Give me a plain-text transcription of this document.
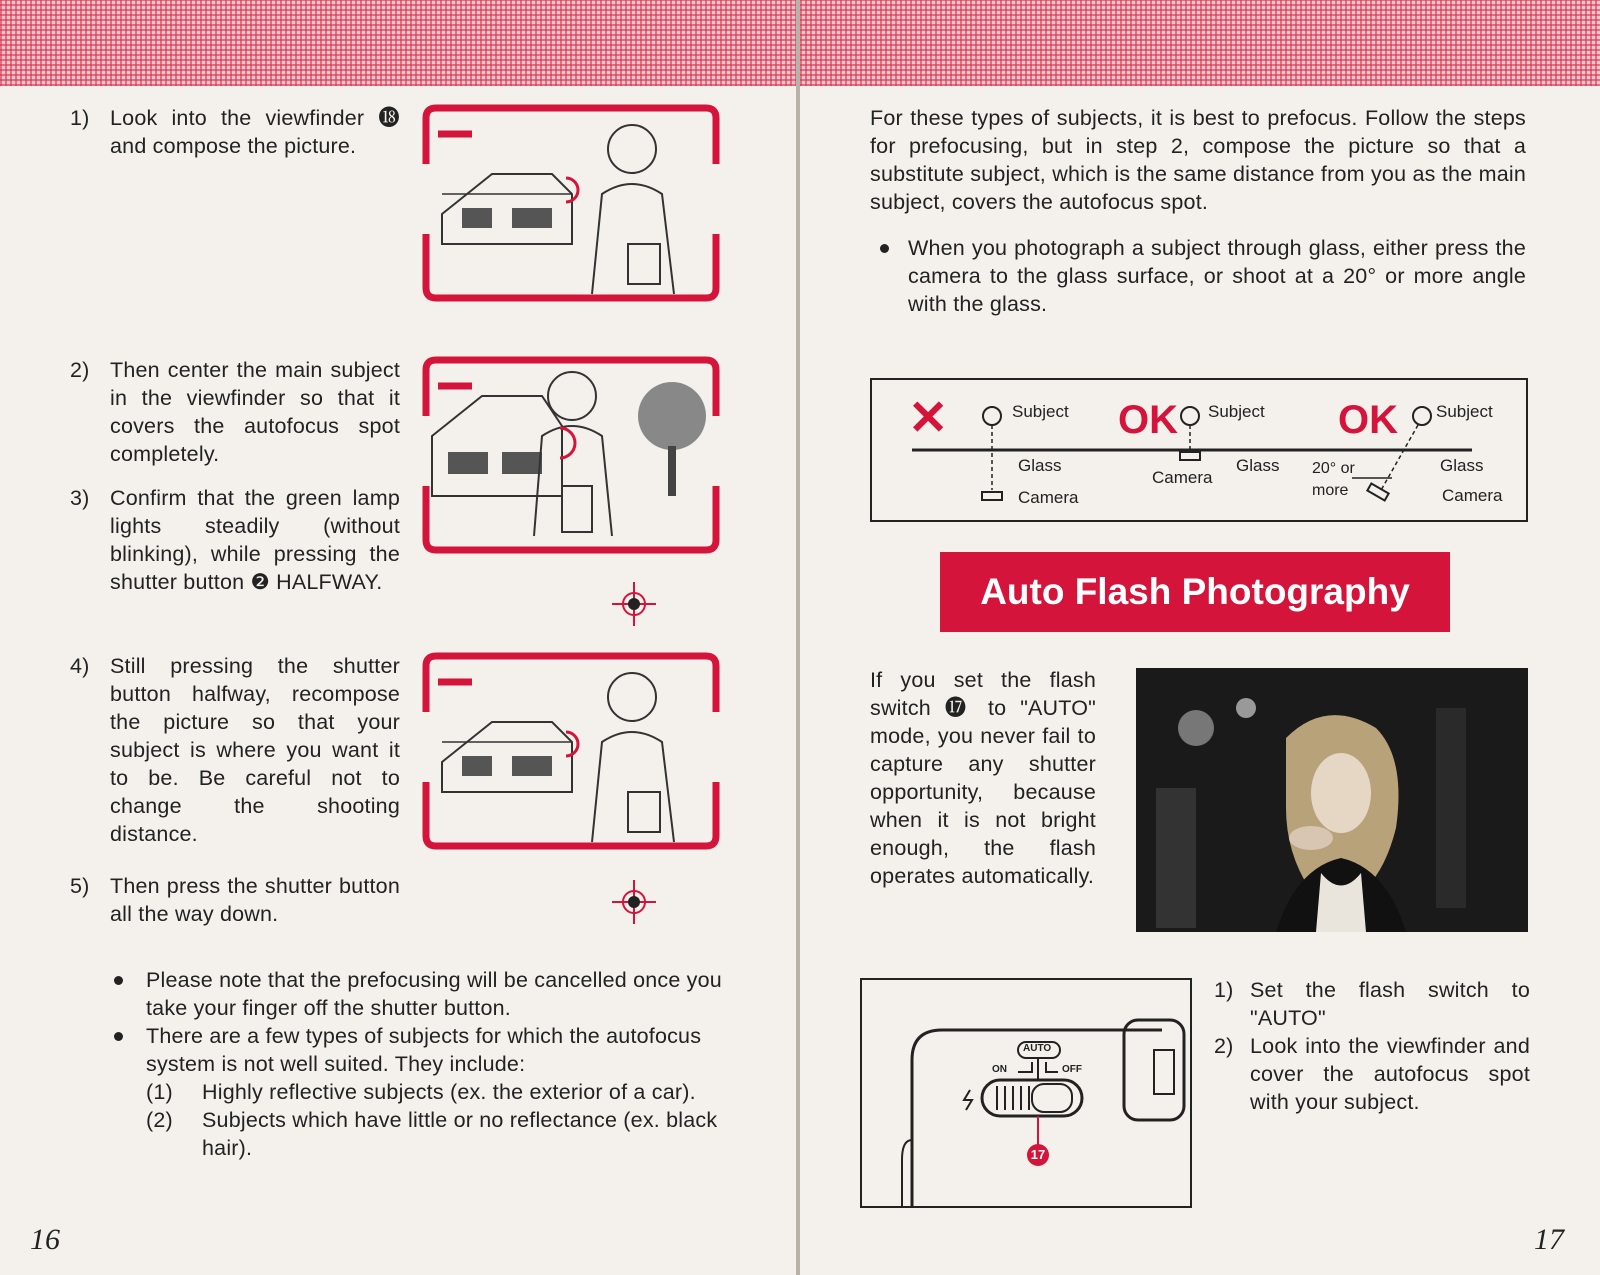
1) Look into the viewfinder ⓲ and compose the picture.
2) Then center the main subject in the viewfinder so that it covers the autofocus spot completely.
3) Confirm that the green lamp lights steadily (without blinking), while pressing the shutter button ❷ HALFWAY.
4) Still pressing the shutter button halfway, recompose the picture so that your subject is where you want it to be. Be careful not to change the shooting distance.
5) Then press the shutter button all the way down.
Please note that the prefocusing will be cancelled once you take your finger off the shutter button.
There are a few types of subjects for which the autofocus system is not well suited. They include:
(1) Highly reflective subjects (ex. the exterior of a car).
(2) Subjects which have little or no reflectance (ex. black hair).
16
For these types of subjects, it is best to prefocus. Follow the steps for prefocusing, but in step 2, compose the picture so that a substitute subject, which is the same distance from you as the main subject, covers the autofocus spot.
When you photograph a subject through glass, either press the camera to the glass surface, or shoot at a 20° or more angle with the glass.
✕	OK	OK
Subject	Subject	Subject
Glass	Glass	Glass
Camera
Camera
Camera
20° or
more
Auto Flash Photography
If you set the flash switch ⓱ to "AUTO" mode, you never fail to capture any shutter opportunity, because when it is not bright enough, the flash operates automatically.
AUTO
ON	OFF
17
1) Set the flash switch to "AUTO"
2) Look into the viewfinder and cover the autofocus spot with your subject.
17
